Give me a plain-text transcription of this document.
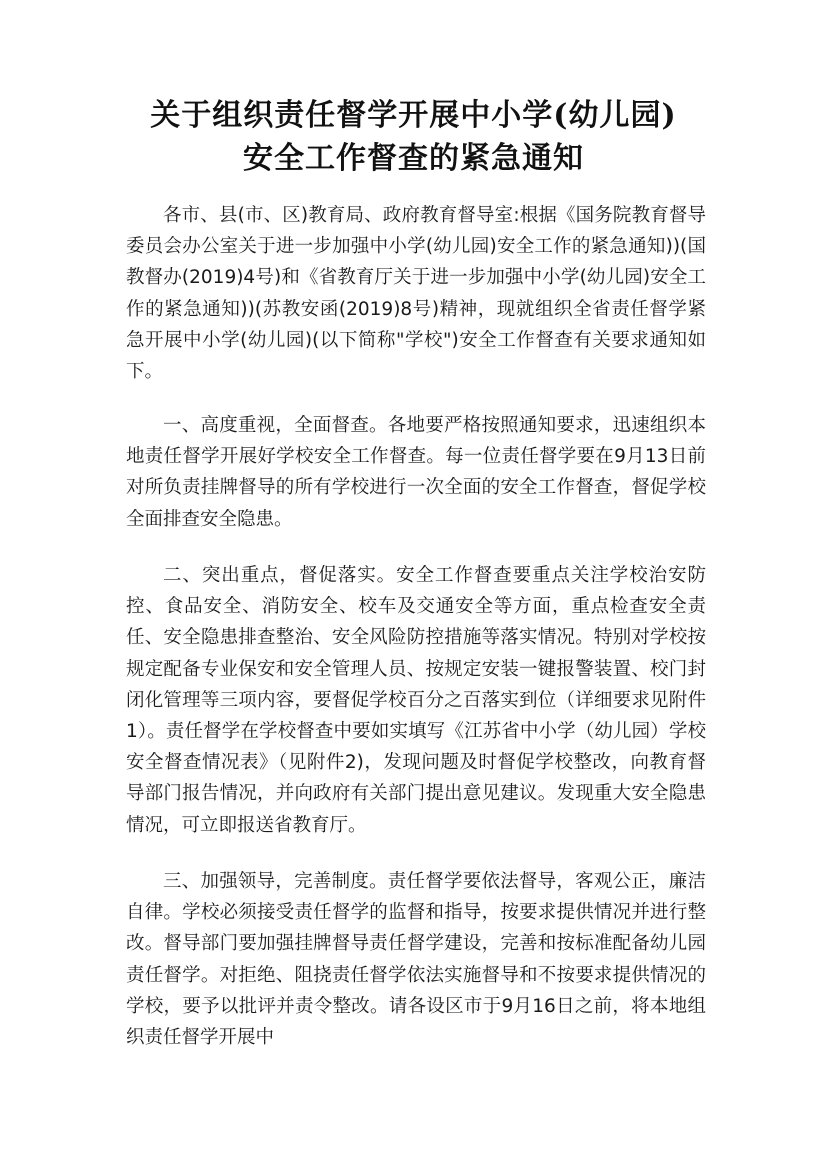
关于组织责任督学开展中小学(幼儿园)
安全工作督查的紧急通知

各市、县(市、区)教育局、政府教育督导室:根据《国务院教育督导委员会办公室关于进一步加强中小学(幼儿园)安全工作的紧急通知))(国教督办(2019)4号)和《省教育厅关于进一步加强中小学(幼儿园)安全工作的紧急通知))(苏教安函(2019)8号)精神，现就组织全省责任督学紧急开展中小学(幼儿园)(以下简称"学校")安全工作督查有关要求通知如下。

一、高度重视，全面督查。各地要严格按照通知要求，迅速组织本地责任督学开展好学校安全工作督查。每一位责任督学要在9月13日前对所负责挂牌督导的所有学校进行一次全面的安全工作督查，督促学校全面排查安全隐患。

二、突出重点，督促落实。安全工作督查要重点关注学校治安防控、食品安全、消防安全、校车及交通安全等方面，重点检查安全责任、安全隐患排查整治、安全风险防控措施等落实情况。特别对学校按规定配备专业保安和安全管理人员、按规定安装一键报警装置、校门封闭化管理等三项内容，要督促学校百分之百落实到位（详细要求见附件1）。责任督学在学校督查中要如实填写《江苏省中小学（幼儿园）学校安全督查情况表》（见附件2)，发现问题及时督促学校整改，向教育督导部门报告情况，并向政府有关部门提出意见建议。发现重大安全隐患情况，可立即报送省教育厅。

三、加强领导，完善制度。责任督学要依法督导，客观公正，廉洁自律。学校必须接受责任督学的监督和指导，按要求提供情况并进行整改。督导部门要加强挂牌督导责任督学建设，完善和按标准配备幼儿园责任督学。对拒绝、阻挠责任督学依法实施督导和不按要求提供情况的学校，要予以批评并责令整改。请各设区市于9月16日之前，将本地组织责任督学开展中
